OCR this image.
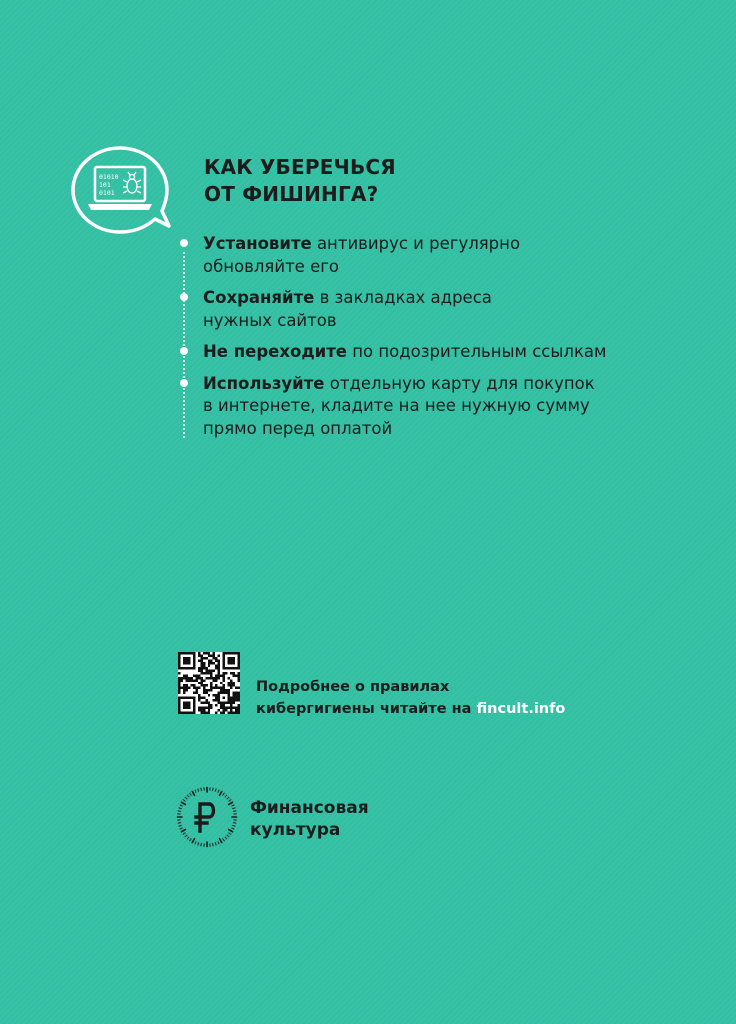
01010
101
0101
КАК УБЕРЕЧЬСЯ
ОТ ФИШИНГА?
Установите антивирус и регулярно
обновляйте его
Сохраняйте в закладках адреса
нужных сайтов
Не переходите по подозрительным ссылкам
Используйте отдельную карту для покупок
в интернете, кладите на нее нужную сумму
прямо перед оплатой
Подробнее о правилах
кибергигиены читайте на fincult.info
Финансовая
культура
